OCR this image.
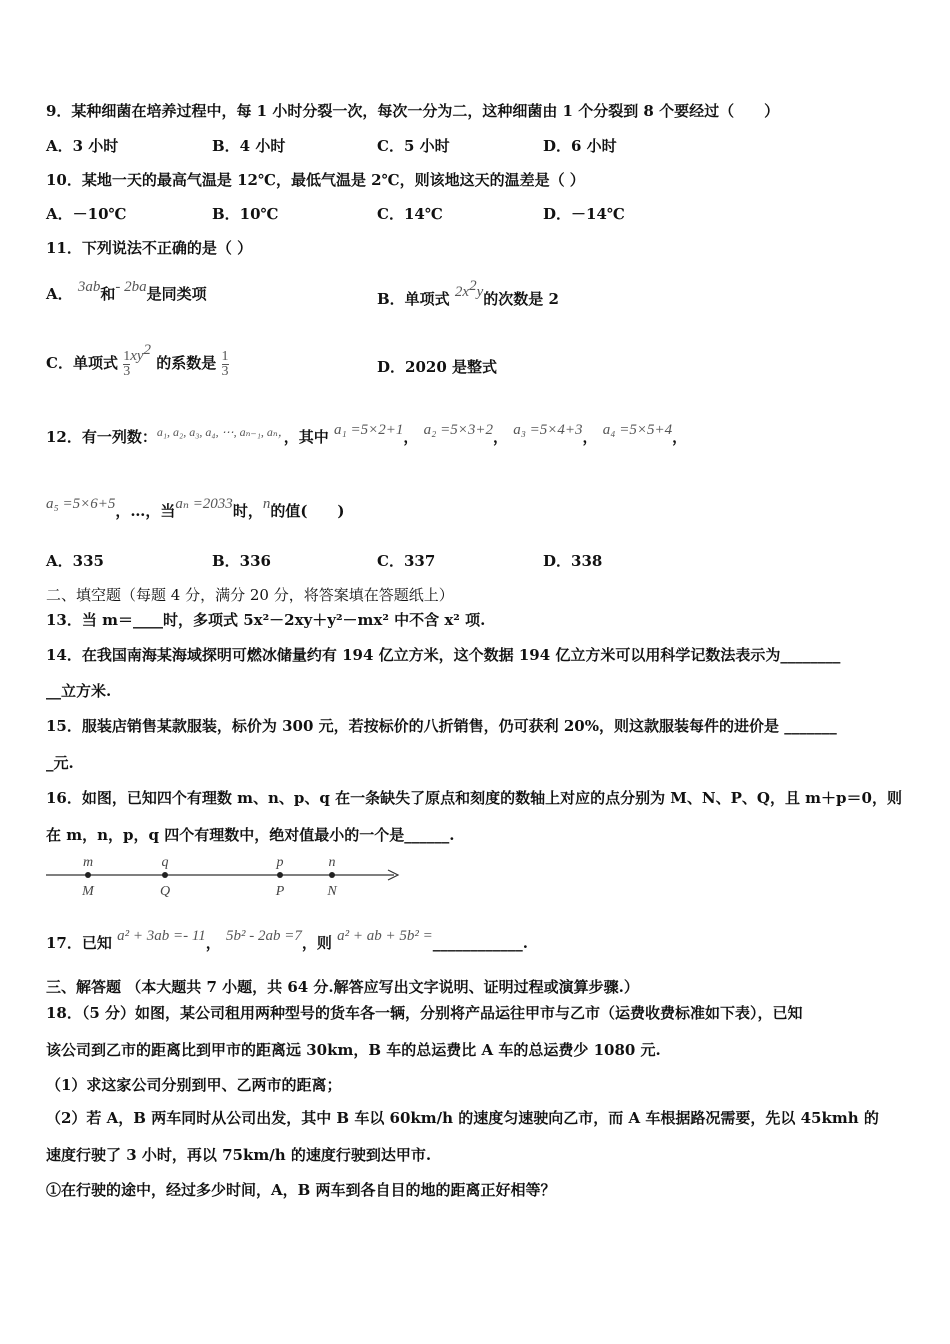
9．某种细菌在培养过程中，每 1 小时分裂一次，每次一分为二，这种细菌由 1 个分裂到 8 个要经过（　　）
A．3 小时	B．4 小时	C．5 小时	D．6 小时
10．某地一天的最高气温是 12℃，最低气温是 2℃，则该地这天的温差是（ ）
A．－10℃	B．10℃	C．14℃	D．－14℃
11．下列说法不正确的是（ ）
A． 3ab和- 2ba是同类项	B．单项式 $2x^2y$的次数是 2
C．单项式 $\frac{1}{3} xy^2$ 的系数是 $\frac{1}{3}$	D．2020 是整式
12．有一列数：$^{a_1, a_2, a_3, a_4, \cdots, a_{n-1}, a_n,}$，其中 a₁ =5×2+1， a₂ =5×3+2， a₃ =5×4+3， a₄ =5×5+4，
a₅ =5×6+5，…，当aₙ =2033时，n的值(　　)
A．335	B．336	C．337	D．338
二、填空题（每题 4 分，满分 20 分，将答案填在答题纸上）
13．当 m＝____时，多项式 5x²－2xy＋y²－mx² 中不含 x² 项.
14．在我国南海某海域探明可燃冰储量约有 194 亿立方米，这个数据 194 亿立方米可以用科学记数法表示为________
__立方米.
15．服装店销售某款服装，标价为 300 元，若按标价的八折销售，仍可获利 20%，则这款服装每件的进价是 _______
_元.
16．如图，已知四个有理数 m、n、p、q 在一条缺失了原点和刻度的数轴上对应的点分别为 M、N、P、Q，且 m＋p＝0，则
在 m，n，p，q 四个有理数中，绝对值最小的一个是______.
m	q	p	n
M	Q	P	N
17．已知 a² + 3ab =- 11， 5b² - 2ab =7，则 a² + ab + 5b² =____________.
三、解答题 （本大题共 7 小题，共 64 分.解答应写出文字说明、证明过程或演算步骤.）
18．（5 分）如图，某公司租用两种型号的货车各一辆，分别将产品运往甲市与乙市（运费收费标准如下表），已知
该公司到乙市的距离比到甲市的距离远 30km，B 车的总运费比 A 车的总运费少 1080 元.
（1）求这家公司分别到甲、乙两市的距离；
（2）若 A，B 两车同时从公司出发，其中 B 车以 60km/h 的速度匀速驶向乙市，而 A 车根据路况需要，先以 45kmh 的
速度行驶了 3 小时，再以 75km/h 的速度行驶到达甲市.
①在行驶的途中，经过多少时间，A，B 两车到各自目的地的距离正好相等？
